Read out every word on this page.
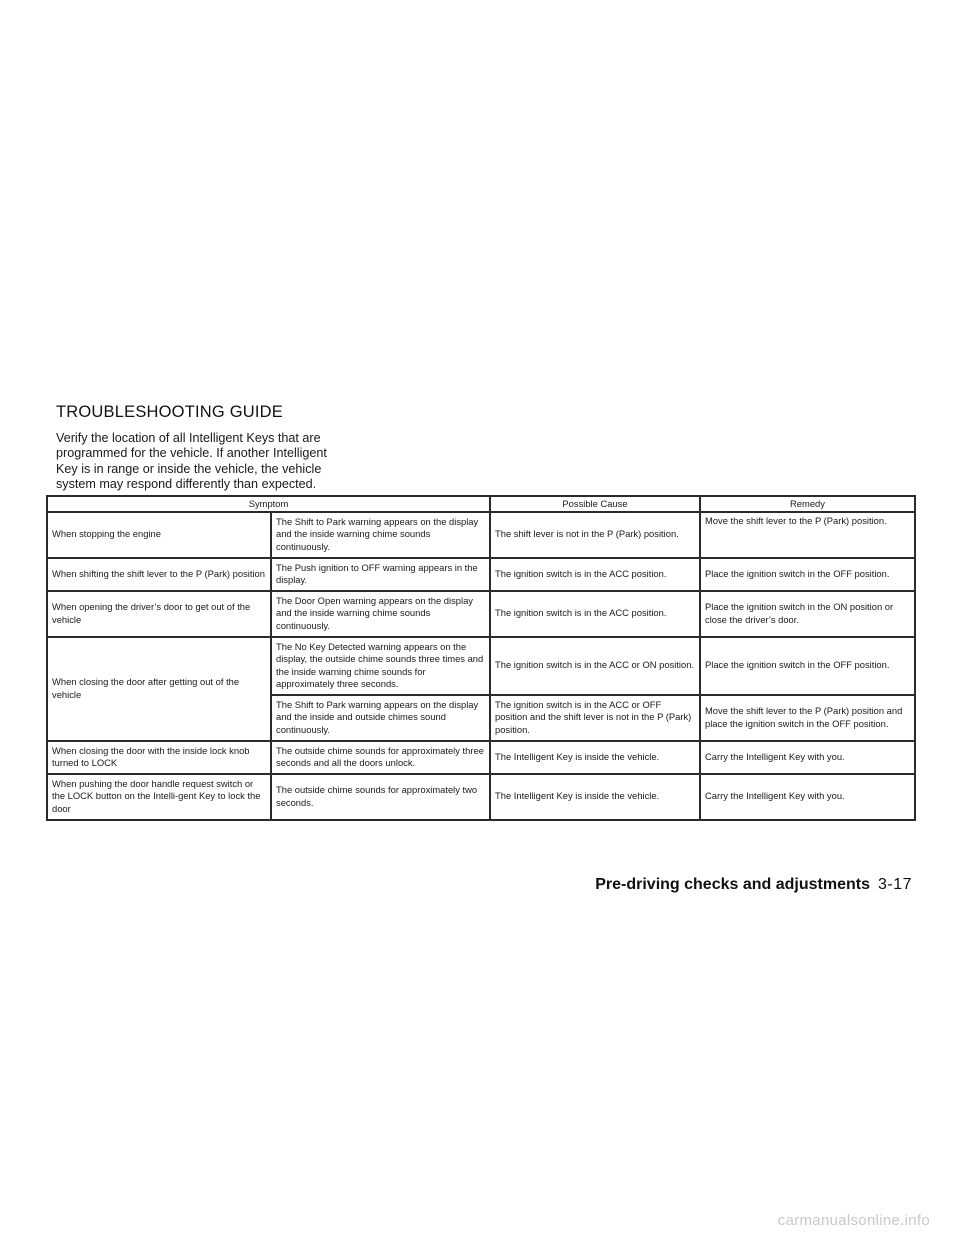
TROUBLESHOOTING GUIDE

Verify the location of all Intelligent Keys that are programmed for the vehicle. If another Intelligent Key is in range or inside the vehicle, the vehicle system may respond differently than expected.

Symptom		Possible Cause	Remedy
When stopping the engine	The Shift to Park warning appears on the display and the inside warning chime sounds continuously.	The shift lever is not in the P (Park) position.	Move the shift lever to the P (Park) position.
When shifting the shift lever to the P (Park) position	The Push ignition to OFF warning appears in the display.	The ignition switch is in the ACC position.	Place the ignition switch in the OFF position.
When opening the driver’s door to get out of the vehicle	The Door Open warning appears on the display and the inside warning chime sounds continuously.	The ignition switch is in the ACC position.	Place the ignition switch in the ON position or close the driver’s door.
When closing the door after getting out of the vehicle	The No Key Detected warning appears on the display, the outside chime sounds three times and the inside warning chime sounds for approximately three seconds.	The ignition switch is in the ACC or ON position.	Place the ignition switch in the OFF position.
	The Shift to Park warning appears on the display and the inside and outside chimes sound continuously.	The ignition switch is in the ACC or OFF position and the shift lever is not in the P (Park) position.	Move the shift lever to the P (Park) position and place the ignition switch in the OFF position.
When closing the door with the inside lock knob turned to LOCK	The outside chime sounds for approximately three seconds and all the doors unlock.	The Intelligent Key is inside the vehicle.	Carry the Intelligent Key with you.
When pushing the door handle request switch or the LOCK button on the Intelli-gent Key to lock the door	The outside chime sounds for approximately two seconds.	The Intelligent Key is inside the vehicle.	Carry the Intelligent Key with you.

Pre-driving checks and adjustments 3-17

carmanualsonline.info
